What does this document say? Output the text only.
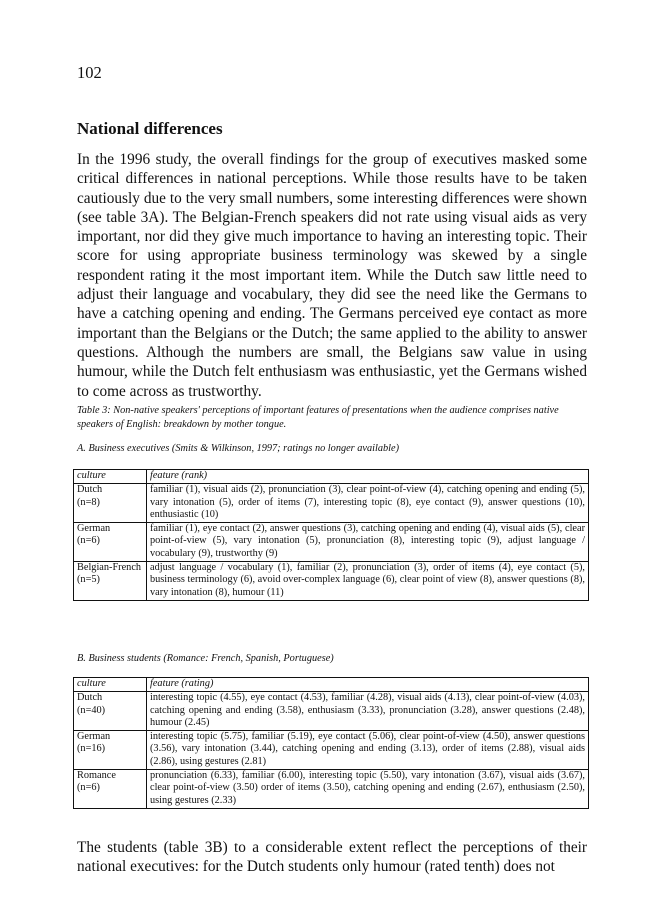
102
National differences

In the 1996 study, the overall findings for the group of executives masked some critical differences in national perceptions. While those results have to be taken cautiously due to the very small numbers, some interesting differences were shown (see table 3A). The Belgian-French speakers did not rate using visual aids as very important, nor did they give much importance to having an interesting topic. Their score for using appropriate business terminology was skewed by a single respondent rating it the most important item. While the Dutch saw little need to adjust their language and vocabulary, they did see the need like the Germans to have a catching opening and ending. The Germans perceived eye contact as more important than the Belgians or the Dutch; the same applied to the ability to answer questions. Although the numbers are small, the Belgians saw value in using humour, while the Dutch felt enthusiasm was enthusiastic, yet the Germans wished to come across as trustworthy.

Table 3: Non-native speakers' perceptions of important features of presentations when the audience comprises native speakers of English: breakdown by mother tongue.

A. Business executives (Smits & Wilkinson, 1997; ratings no longer available)
culture	feature (rank)
Dutch
(n=8)	familiar (1), visual aids (2), pronunciation (3), clear point-of-view (4), catching opening and ending (5), vary intonation (5), order of items (7), interesting topic (8), eye contact (9), answer questions (10), enthusiastic (10)
German
(n=6)	familiar (1), eye contact (2), answer questions (3), catching opening and ending (4), visual aids (5), clear point-of-view (5), vary intonation (5), pronunciation (8), interesting topic (9), adjust language / vocabulary (9), trustworthy (9)
Belgian-French
(n=5)	adjust language / vocabulary (1), familiar (2), pronunciation (3), order of items (4), eye contact (5), business terminology (6), avoid over-complex language (6), clear point of view (8), answer questions (8), vary intonation (8), humour (11)
B. Business students (Romance: French, Spanish, Portuguese)
culture	feature (rating)
Dutch
(n=40)	interesting topic (4.55), eye contact (4.53), familiar (4.28), visual aids (4.13), clear point-of-view (4.03), catching opening and ending (3.58), enthusiasm (3.33), pronunciation (3.28), answer questions (2.48), humour (2.45)
German
(n=16)	interesting topic (5.75), familiar (5.19), eye contact (5.06), clear point-of-view (4.50), answer questions (3.56), vary intonation (3.44), catching opening and ending (3.13), order of items (2.88), visual aids (2.86), using gestures (2.81)
Romance
(n=6)	pronunciation (6.33), familiar (6.00), interesting topic (5.50), vary intonation (3.67), visual aids (3.67), clear point-of-view (3.50) order of items (3.50), catching opening and ending (2.67), enthusiasm (2.50), using gestures (2.33)

The students (table 3B) to a considerable extent reflect the perceptions of their national executives: for the Dutch students only humour (rated tenth) does not
